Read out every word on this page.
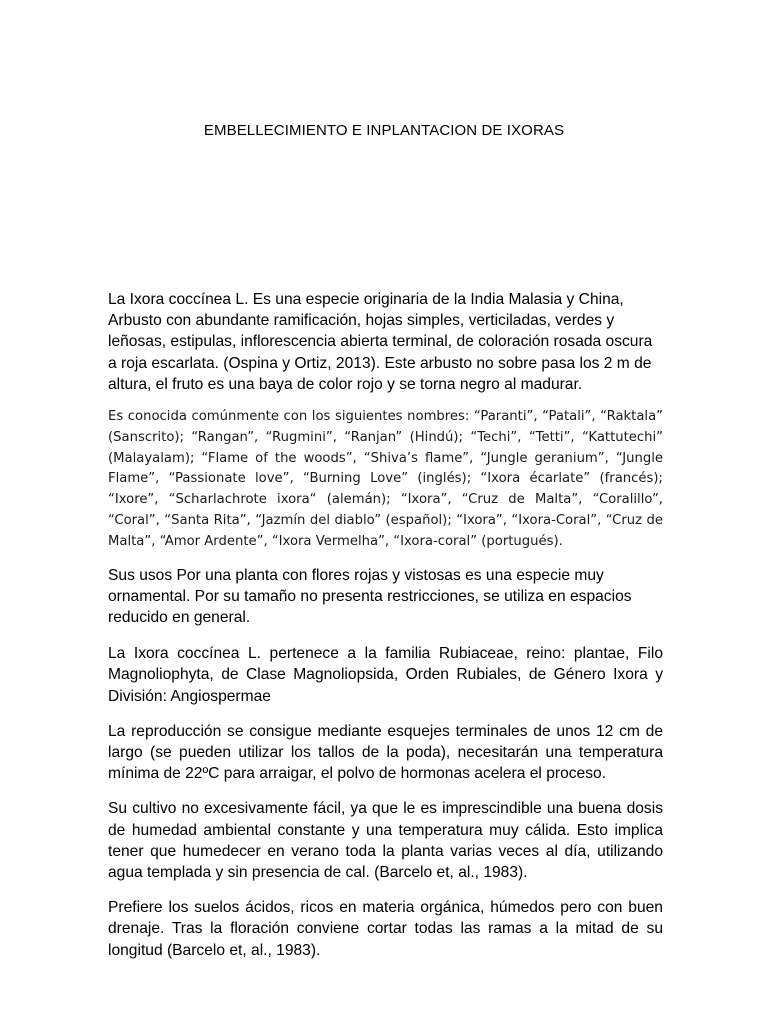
EMBELLECIMIENTO E INPLANTACION DE IXORAS

La Ixora coccínea L. Es una especie originaria de la India Malasia y China, Arbusto con abundante ramificación, hojas simples, verticiladas, verdes y leñosas, estipulas, inflorescencia abierta terminal, de coloración rosada oscura a roja escarlata. (Ospina y Ortiz, 2013). Este arbusto no sobre pasa los 2 m de altura, el fruto es una baya de color rojo y se torna negro al madurar.

Es conocida comúnmente con los siguientes nombres: “Paranti”, “Patali”, “Raktala” (Sanscrito); “Rangan”, “Rugmini”, “Ranjan” (Hindú); “Techi”, “Tetti”, “Kattutechi” (Malayalam); “Flame of the woods”, “Shiva’s flame”, “Jungle geranium”, “Jungle Flame”, “Passionate love”, “Burning Love” (inglés); “Ixora écarlate” (francés); “Ixore”, “Scharlachrote ixora“ (alemán); “Ixora”, “Cruz de Malta”, “Coralillo”, “Coral”, “Santa Rita”, “Jazmín del diablo” (español); “Ixora”, “Ixora-Coral”, “Cruz de Malta”, “Amor Ardente”, “Ixora Vermelha”, “Ixora-coral” (portugués).

Sus usos Por una planta con flores rojas y vistosas es una especie muy ornamental. Por su tamaño no presenta restricciones, se utiliza en espacios reducido en general.

La Ixora coccínea L. pertenece a la familia Rubiaceae, reino: plantae, Filo Magnoliophyta, de Clase Magnoliopsida, Orden Rubiales, de Género Ixora y División: Angiospermae

La reproducción se consigue mediante esquejes terminales de unos 12 cm de largo (se pueden utilizar los tallos de la poda), necesitarán una temperatura mínima de 22ºC para arraigar, el polvo de hormonas acelera el proceso.

Su cultivo no excesivamente fácil, ya que le es imprescindible una buena dosis de humedad ambiental constante y una temperatura muy cálida. Esto implica tener que humedecer en verano toda la planta varias veces al día, utilizando agua templada y sin presencia de cal. (Barcelo et, al., 1983).

Prefiere los suelos ácidos, ricos en materia orgánica, húmedos pero con buen drenaje. Tras la floración conviene cortar todas las ramas a la mitad de su longitud (Barcelo et, al., 1983).
